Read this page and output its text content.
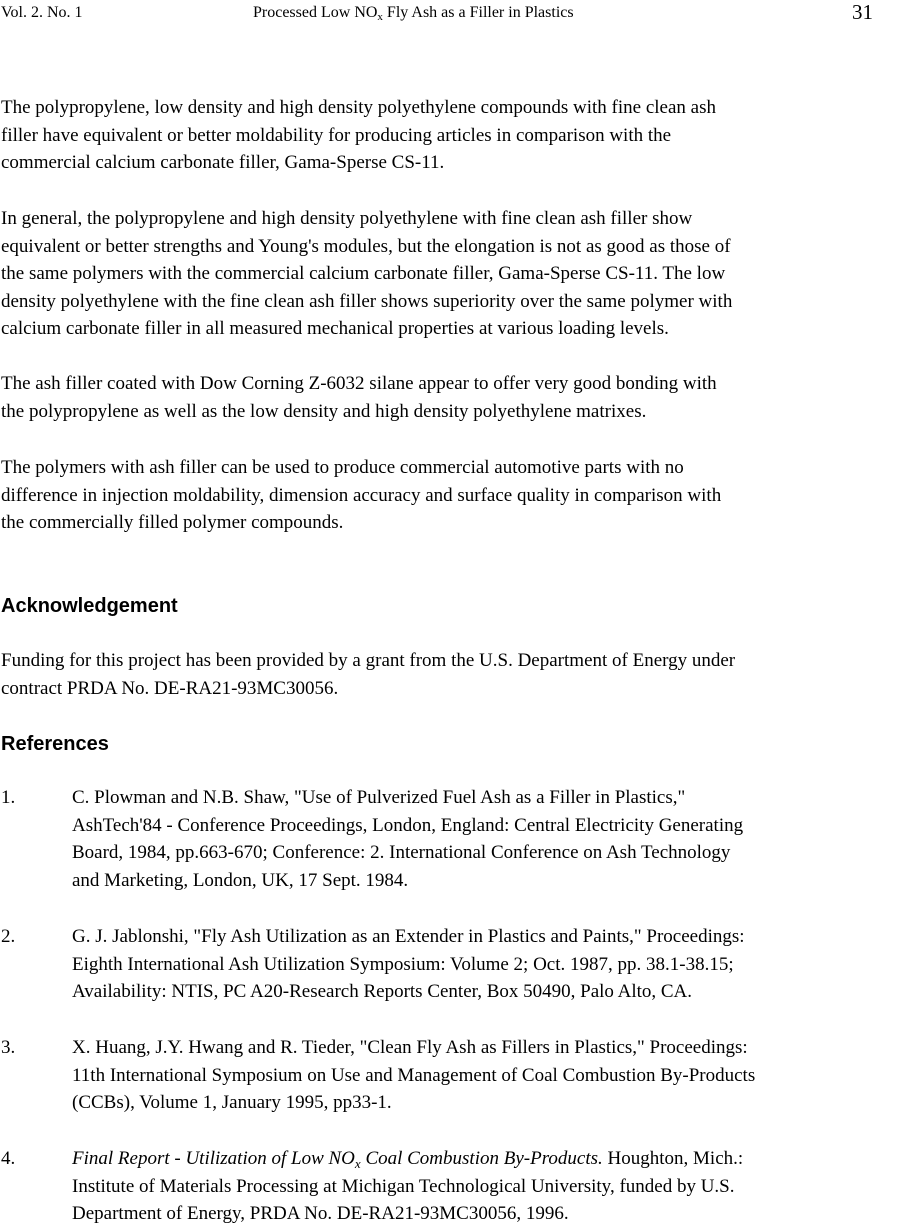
Vol. 2. No. 1	Processed Low $NO_x$ Fly Ash as a Filler in Plastics	31

The polypropylene, low density and high density polyethylene compounds with fine clean ash
filler have equivalent or better moldability for producing articles in comparison with the
commercial calcium carbonate filler, Gama-Sperse CS-11.

In general, the polypropylene and high density polyethylene with fine clean ash filler show
equivalent or better strengths and Young's modules, but the elongation is not as good as those of
the same polymers with the commercial calcium carbonate filler, Gama-Sperse CS-11. The low
density polyethylene with the fine clean ash filler shows superiority over the same polymer with
calcium carbonate filler in all measured mechanical properties at various loading levels.

The ash filler coated with Dow Corning Z-6032 silane appear to offer very good bonding with
the polypropylene as well as the low density and high density polyethylene matrixes.

The polymers with ash filler can be used to produce commercial automotive parts with no
difference in injection moldability, dimension accuracy and surface quality in comparison with
the commercially filled polymer compounds.

Acknowledgement

Funding for this project has been provided by a grant from the U.S. Department of Energy under
contract PRDA No. DE-RA21-93MC30056.

References
1.	C. Plowman and N.B. Shaw, "Use of Pulverized Fuel Ash as a Filler in Plastics,"
AshTech'84 - Conference Proceedings, London, England: Central Electricity Generating
Board, 1984, pp.663-670; Conference: 2. International Conference on Ash Technology
and Marketing, London, UK, 17 Sept. 1984.
2.	G. J. Jablonshi, "Fly Ash Utilization as an Extender in Plastics and Paints," Proceedings:
Eighth International Ash Utilization Symposium: Volume 2; Oct. 1987, pp. 38.1-38.15;
Availability: NTIS, PC A20-Research Reports Center, Box 50490, Palo Alto, CA.
3.	X. Huang, J.Y. Hwang and R. Tieder, "Clean Fly Ash as Fillers in Plastics," Proceedings:
11th International Symposium on Use and Management of Coal Combustion By-Products
(CCBs), Volume 1, January 1995, pp33-1.
4.	Final Report - Utilization of Low $NO_x$ Coal Combustion By-Products. Houghton, Mich.:
Institute of Materials Processing at Michigan Technological University, funded by U.S.
Department of Energy, PRDA No. DE-RA21-93MC30056, 1996.
